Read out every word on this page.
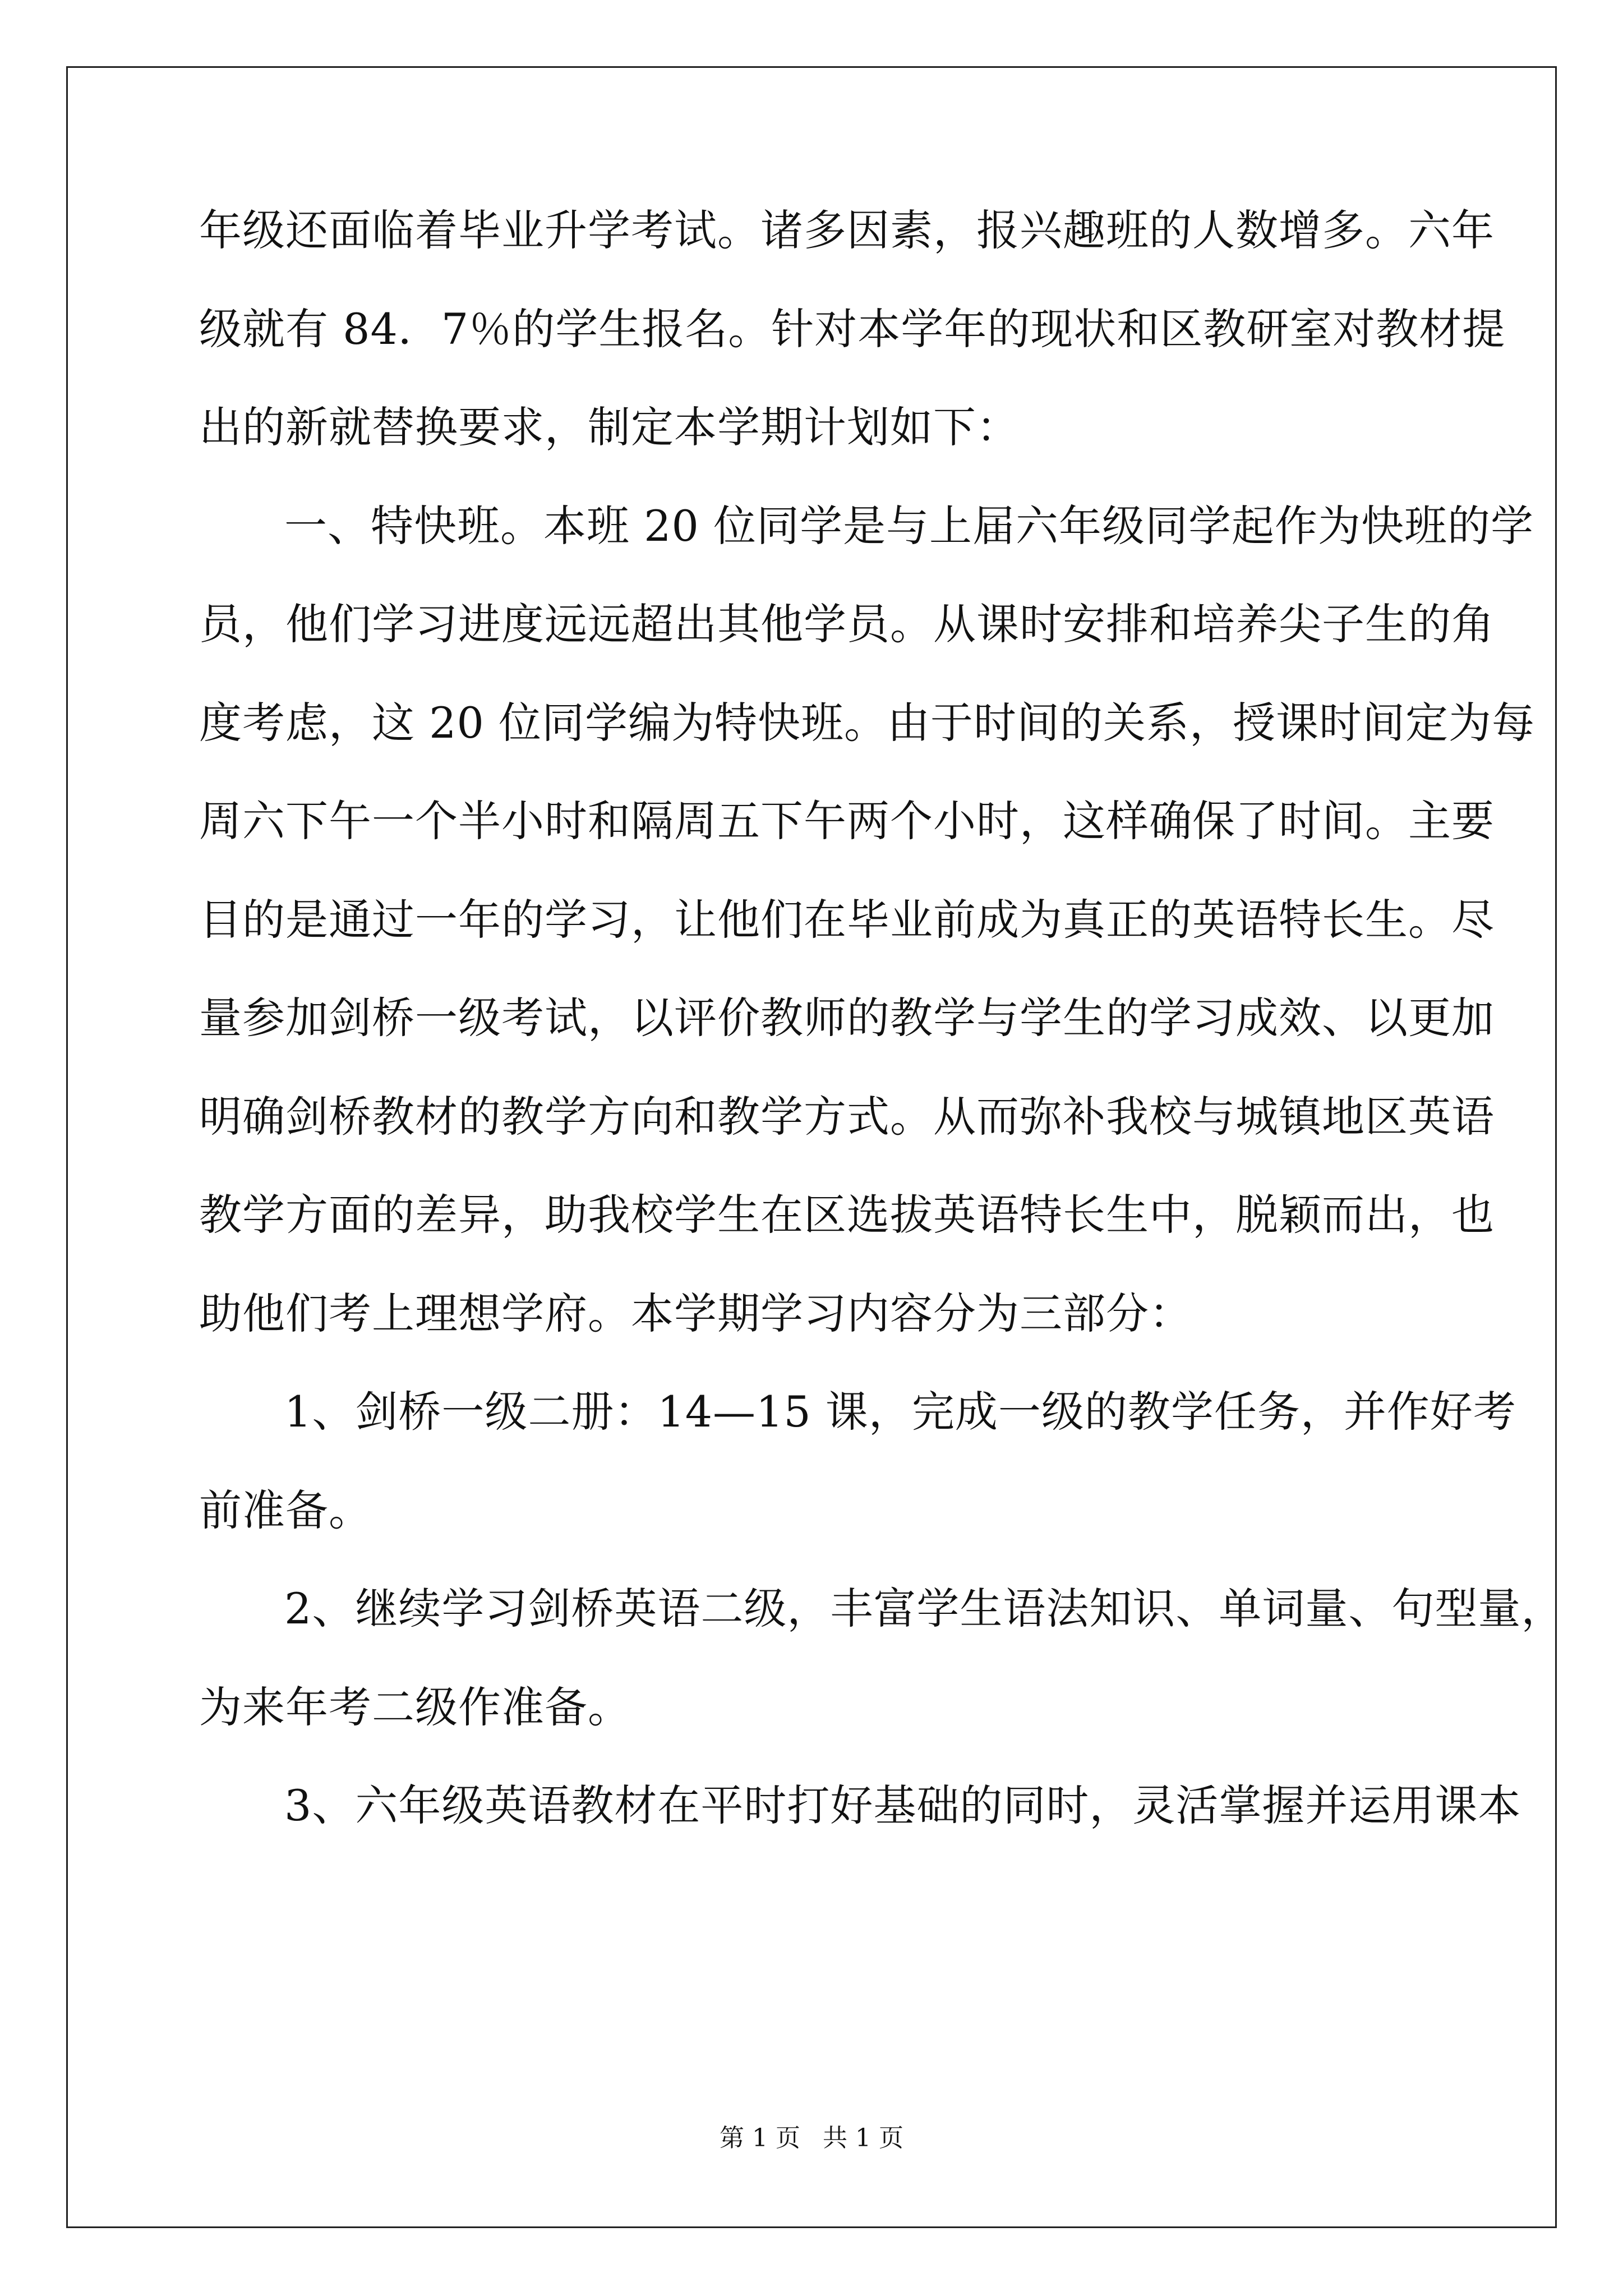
年级还面临着毕业升学考试。诸多因素，报兴趣班的人数增多。六年
级就有 84．7％的学生报名。针对本学年的现状和区教研室对教材提
出的新就替换要求，制定本学期计划如下：
一、特快班。本班 20 位同学是与上届六年级同学起作为快班的学
员，他们学习进度远远超出其他学员。从课时安排和培养尖子生的角
度考虑，这 20 位同学编为特快班。由于时间的关系，授课时间定为每
周六下午一个半小时和隔周五下午两个小时，这样确保了时间。主要
目的是通过一年的学习，让他们在毕业前成为真正的英语特长生。尽
量参加剑桥一级考试，以评价教师的教学与学生的学习成效、以更加
明确剑桥教材的教学方向和教学方式。从而弥补我校与城镇地区英语
教学方面的差异，助我校学生在区选拔英语特长生中，脱颖而出，也
助他们考上理想学府。本学期学习内容分为三部分：
1、剑桥一级二册：14—15 课，完成一级的教学任务，并作好考
前准备。
2、继续学习剑桥英语二级，丰富学生语法知识、单词量、句型量，
为来年考二级作准备。
3、六年级英语教材在平时打好基础的同时，灵活掌握并运用课本
第 1 页 共 1 页
